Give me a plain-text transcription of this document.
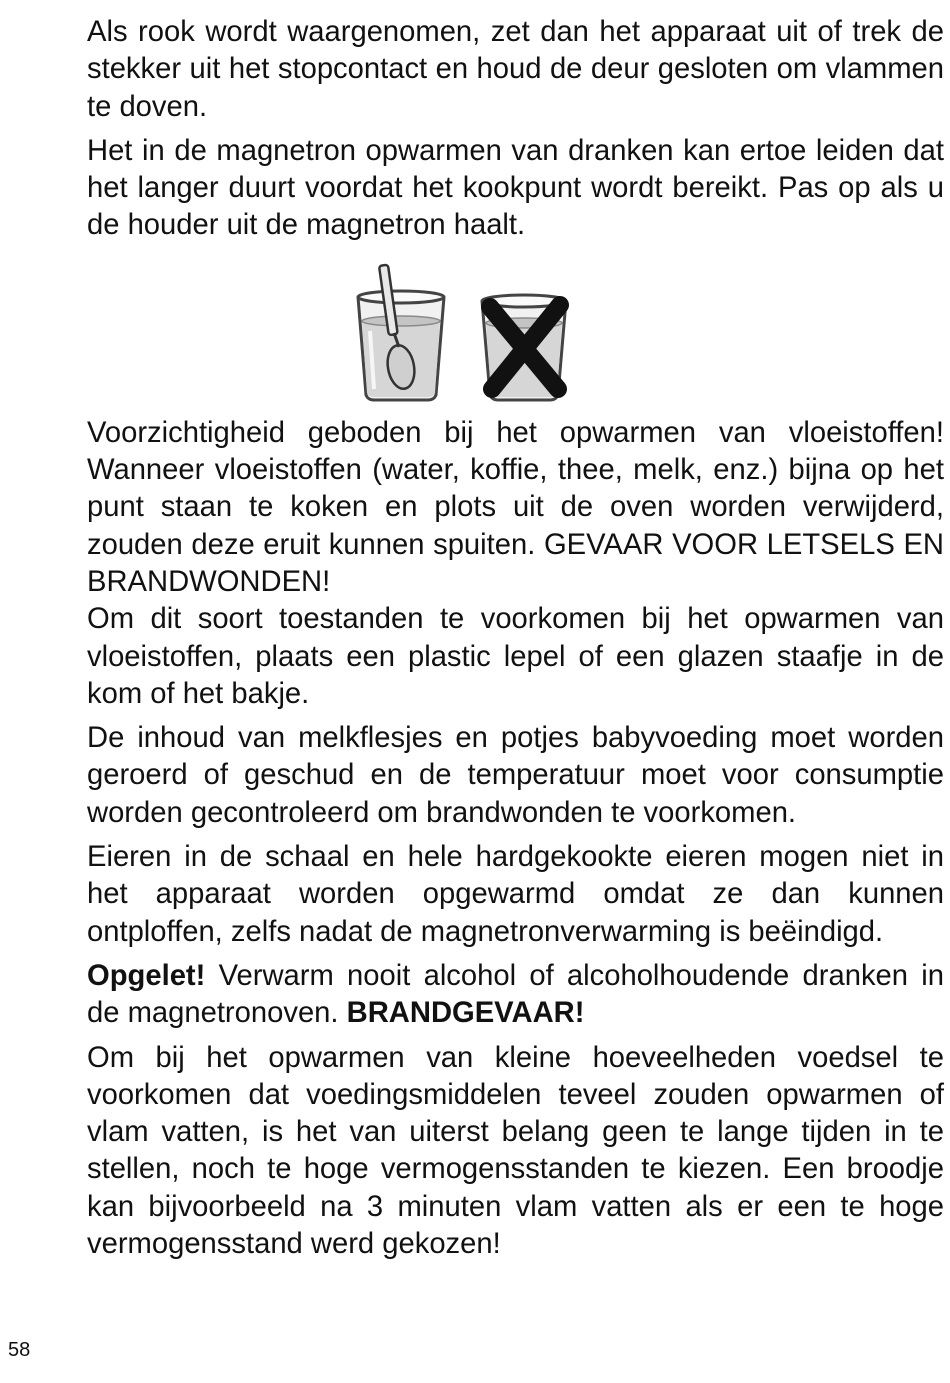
Als rook wordt waargenomen, zet dan het apparaat uit of trek de stekker uit het stopcontact en houd de deur gesloten om vlammen te doven.

Het in de magnetron opwarmen van dranken kan ertoe leiden dat het langer duurt voordat het kookpunt wordt bereikt. Pas op als u de houder uit de magnetron haalt.

Voorzichtigheid geboden bij het opwarmen van vloeistoffen! Wanneer vloeistoffen (water, koffie, thee, melk, enz.) bijna op het punt staan te koken en plots uit de oven worden verwijderd, zouden deze eruit kunnen spuiten. GEVAAR VOOR LETSELS EN BRANDWONDEN!

Om dit soort toestanden te voorkomen bij het opwarmen van vloeistoffen, plaats een plastic lepel of een glazen staafje in de kom of het bakje.

De inhoud van melkflesjes en potjes babyvoeding moet worden geroerd of geschud en de temperatuur moet voor consumptie worden gecontroleerd om brandwonden te voorkomen.

Eieren in de schaal en hele hardgekookte eieren mogen niet in het apparaat worden opgewarmd omdat ze dan kunnen ontploffen, zelfs nadat de magnetronverwarming is beëindigd.

Opgelet! Verwarm nooit alcohol of alcoholhoudende dranken in de magnetronoven. BRANDGEVAAR!

Om bij het opwarmen van kleine hoeveelheden voedsel te voorkomen dat voedingsmiddelen teveel zouden opwarmen of vlam vatten, is het van uiterst belang geen te lange tijden in te stellen, noch te hoge vermogensstanden te kiezen. Een broodje kan bijvoorbeeld na 3 minuten vlam vatten als er een te hoge vermogensstand werd gekozen!

58
